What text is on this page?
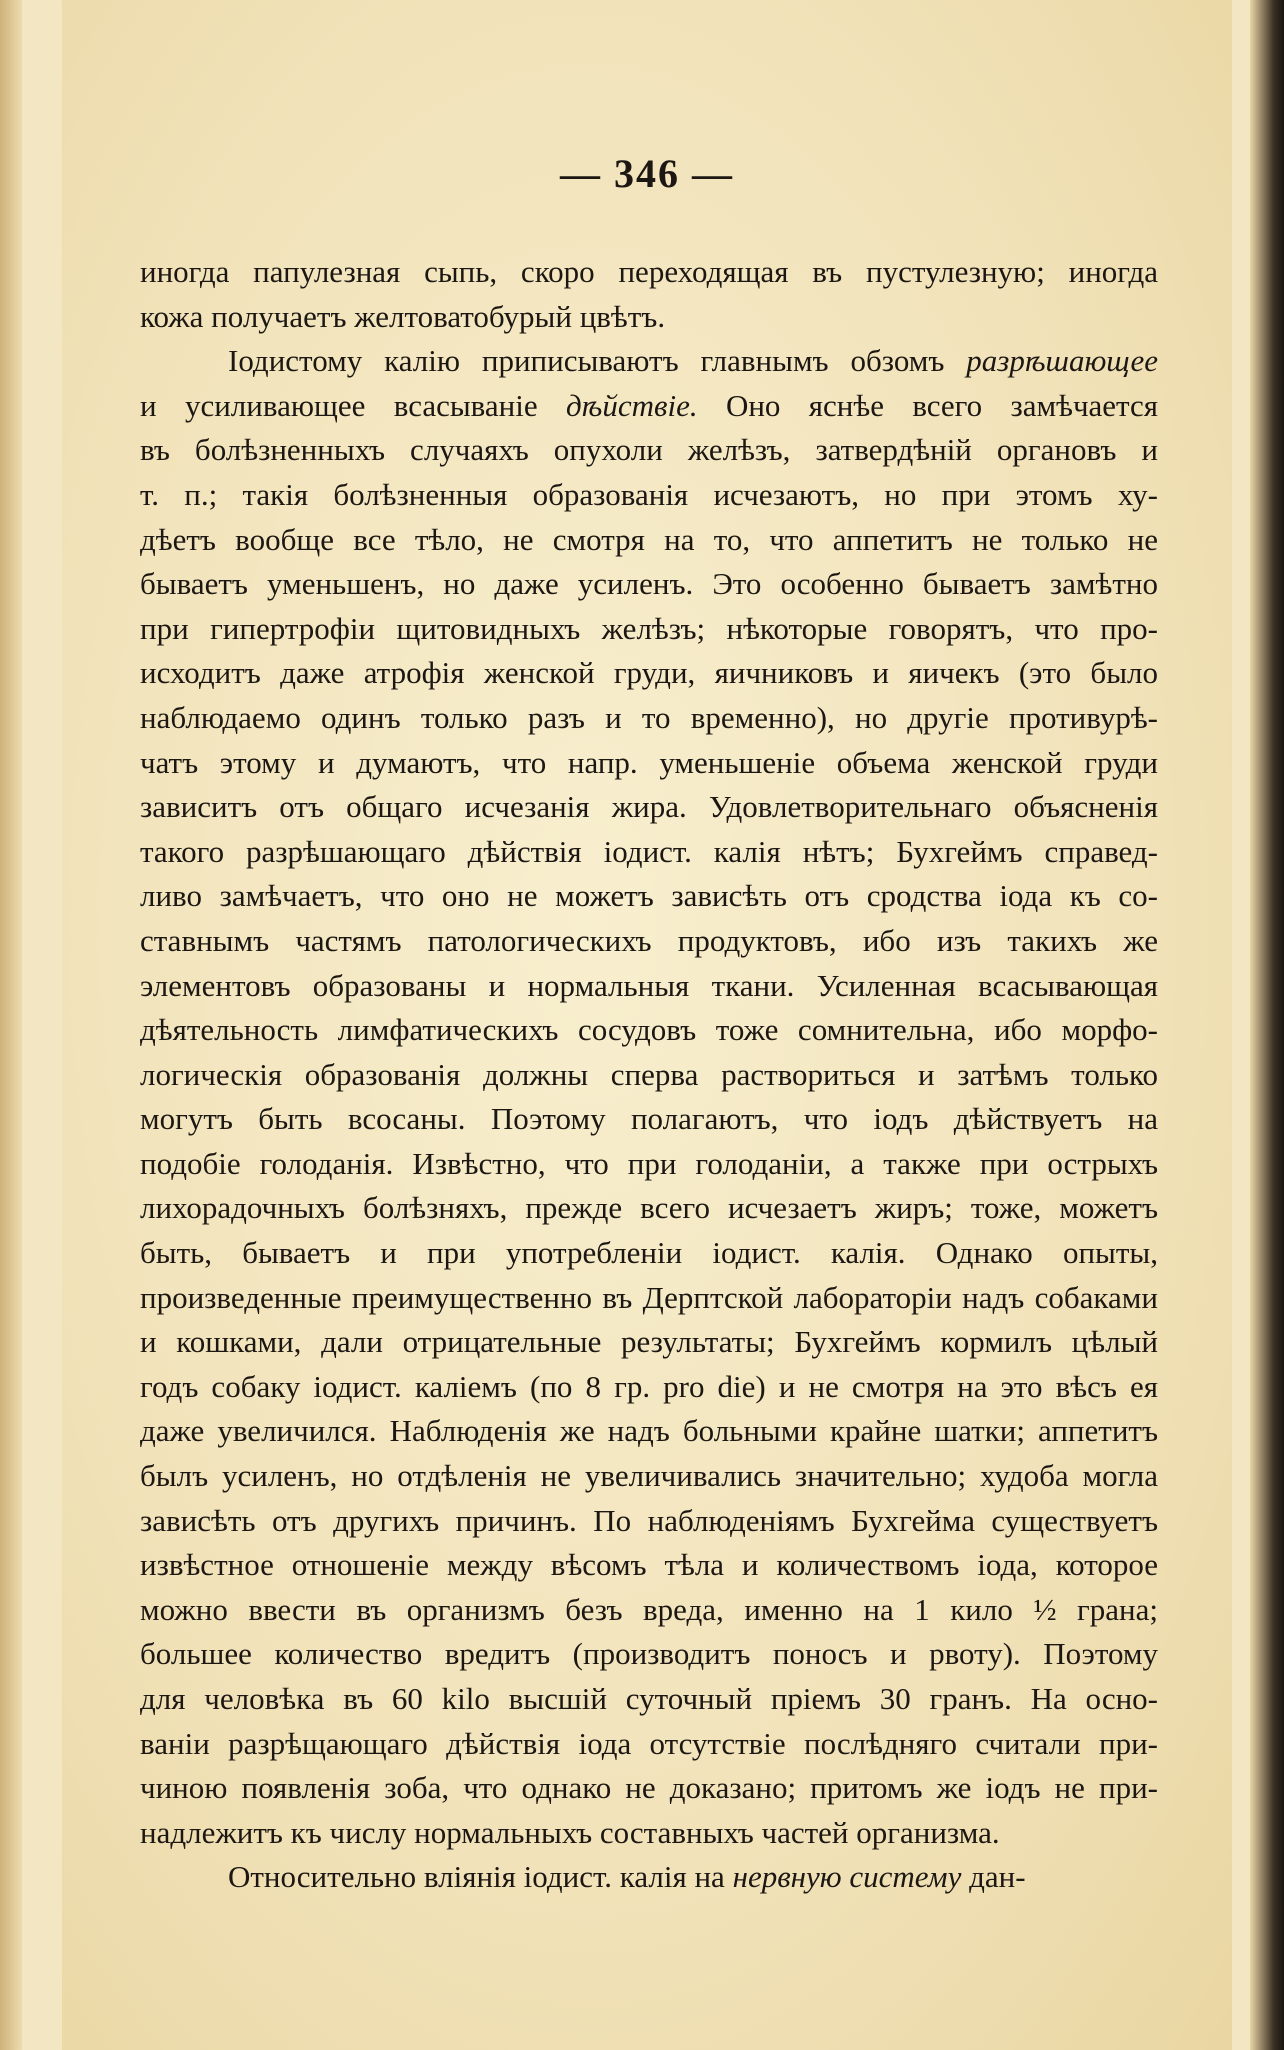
— 346 —
иногда папулезная сыпь, скоро переходящая въ пустулезную; иногда
кожа получаетъ желтоватобурый цвѣтъ.
Іодистому калію приписываютъ главнымъ обзомъ разрѣшающее
и усиливающее всасываніе дѣйствіе. Оно яснѣе всего замѣчается
въ болѣзненныхъ случаяхъ опухоли желѣзъ, затвердѣній органовъ и
т. п.; такія болѣзненныя образованія исчезаютъ, но при этомъ ху-
дѣетъ вообще все тѣло, не смотря на то, что аппетитъ не только не
бываетъ уменьшенъ, но даже усиленъ. Это особенно бываетъ замѣтно
при гипертрофіи щитовидныхъ желѣзъ; нѣкоторые говорятъ, что про-
исходитъ даже атрофія женской груди, яичниковъ и яичекъ (это было
наблюдаемо одинъ только разъ и то временно), но другіе противурѣ-
чатъ этому и думаютъ, что напр. уменьшеніе объема женской груди
зависитъ отъ общаго исчезанія жира. Удовлетворительнаго объясненія
такого разрѣшающаго дѣйствія іодист. калія нѣтъ; Бухгеймъ справед-
ливо замѣчаетъ, что оно не можетъ зависѣть отъ сродства іода къ со-
ставнымъ частямъ патологическихъ продуктовъ, ибо изъ такихъ же
элементовъ образованы и нормальныя ткани. Усиленная всасывающая
дѣятельность лимфатическихъ сосудовъ тоже сомнительна, ибо морфо-
логическія образованія должны сперва раствориться и затѣмъ только
могутъ быть всосаны. Поэтому полагаютъ, что іодъ дѣйствуетъ на
подобіе голоданія. Извѣстно, что при голоданіи, а также при острыхъ
лихорадочныхъ болѣзняхъ, прежде всего исчезаетъ жиръ; тоже, можетъ
быть, бываетъ и при употребленіи іодист. калія. Однако опыты,
произведенные преимущественно въ Дерптской лабораторіи надъ собаками
и кошками, дали отрицательные результаты; Бухгеймъ кормилъ цѣлый
годъ собаку іодист. каліемъ (по 8 гр. pro die) и не смотря на это вѣсъ ея
даже увеличился. Наблюденія же надъ больными крайне шатки; аппетитъ
былъ усиленъ, но отдѣленія не увеличивались значительно; худоба могла
зависѣть отъ другихъ причинъ. По наблюденіямъ Бухгейма существуетъ
извѣстное отношеніе между вѣсомъ тѣла и количествомъ іода, которое
можно ввести въ организмъ безъ вреда, именно на 1 кило ½ грана;
большее количество вредитъ (производитъ поносъ и рвоту). Поэтому
для человѣка въ 60 kilo высшій суточный пріемъ 30 гранъ. На осно-
ваніи разрѣщающаго дѣйствія іода отсутствіе послѣдняго считали при-
чиною появленія зоба, что однако не доказано; притомъ же іодъ не при-
надлежитъ къ числу нормальныхъ составныхъ частей организма.
Относительно вліянія іодист. калія на нервную систему дан-
